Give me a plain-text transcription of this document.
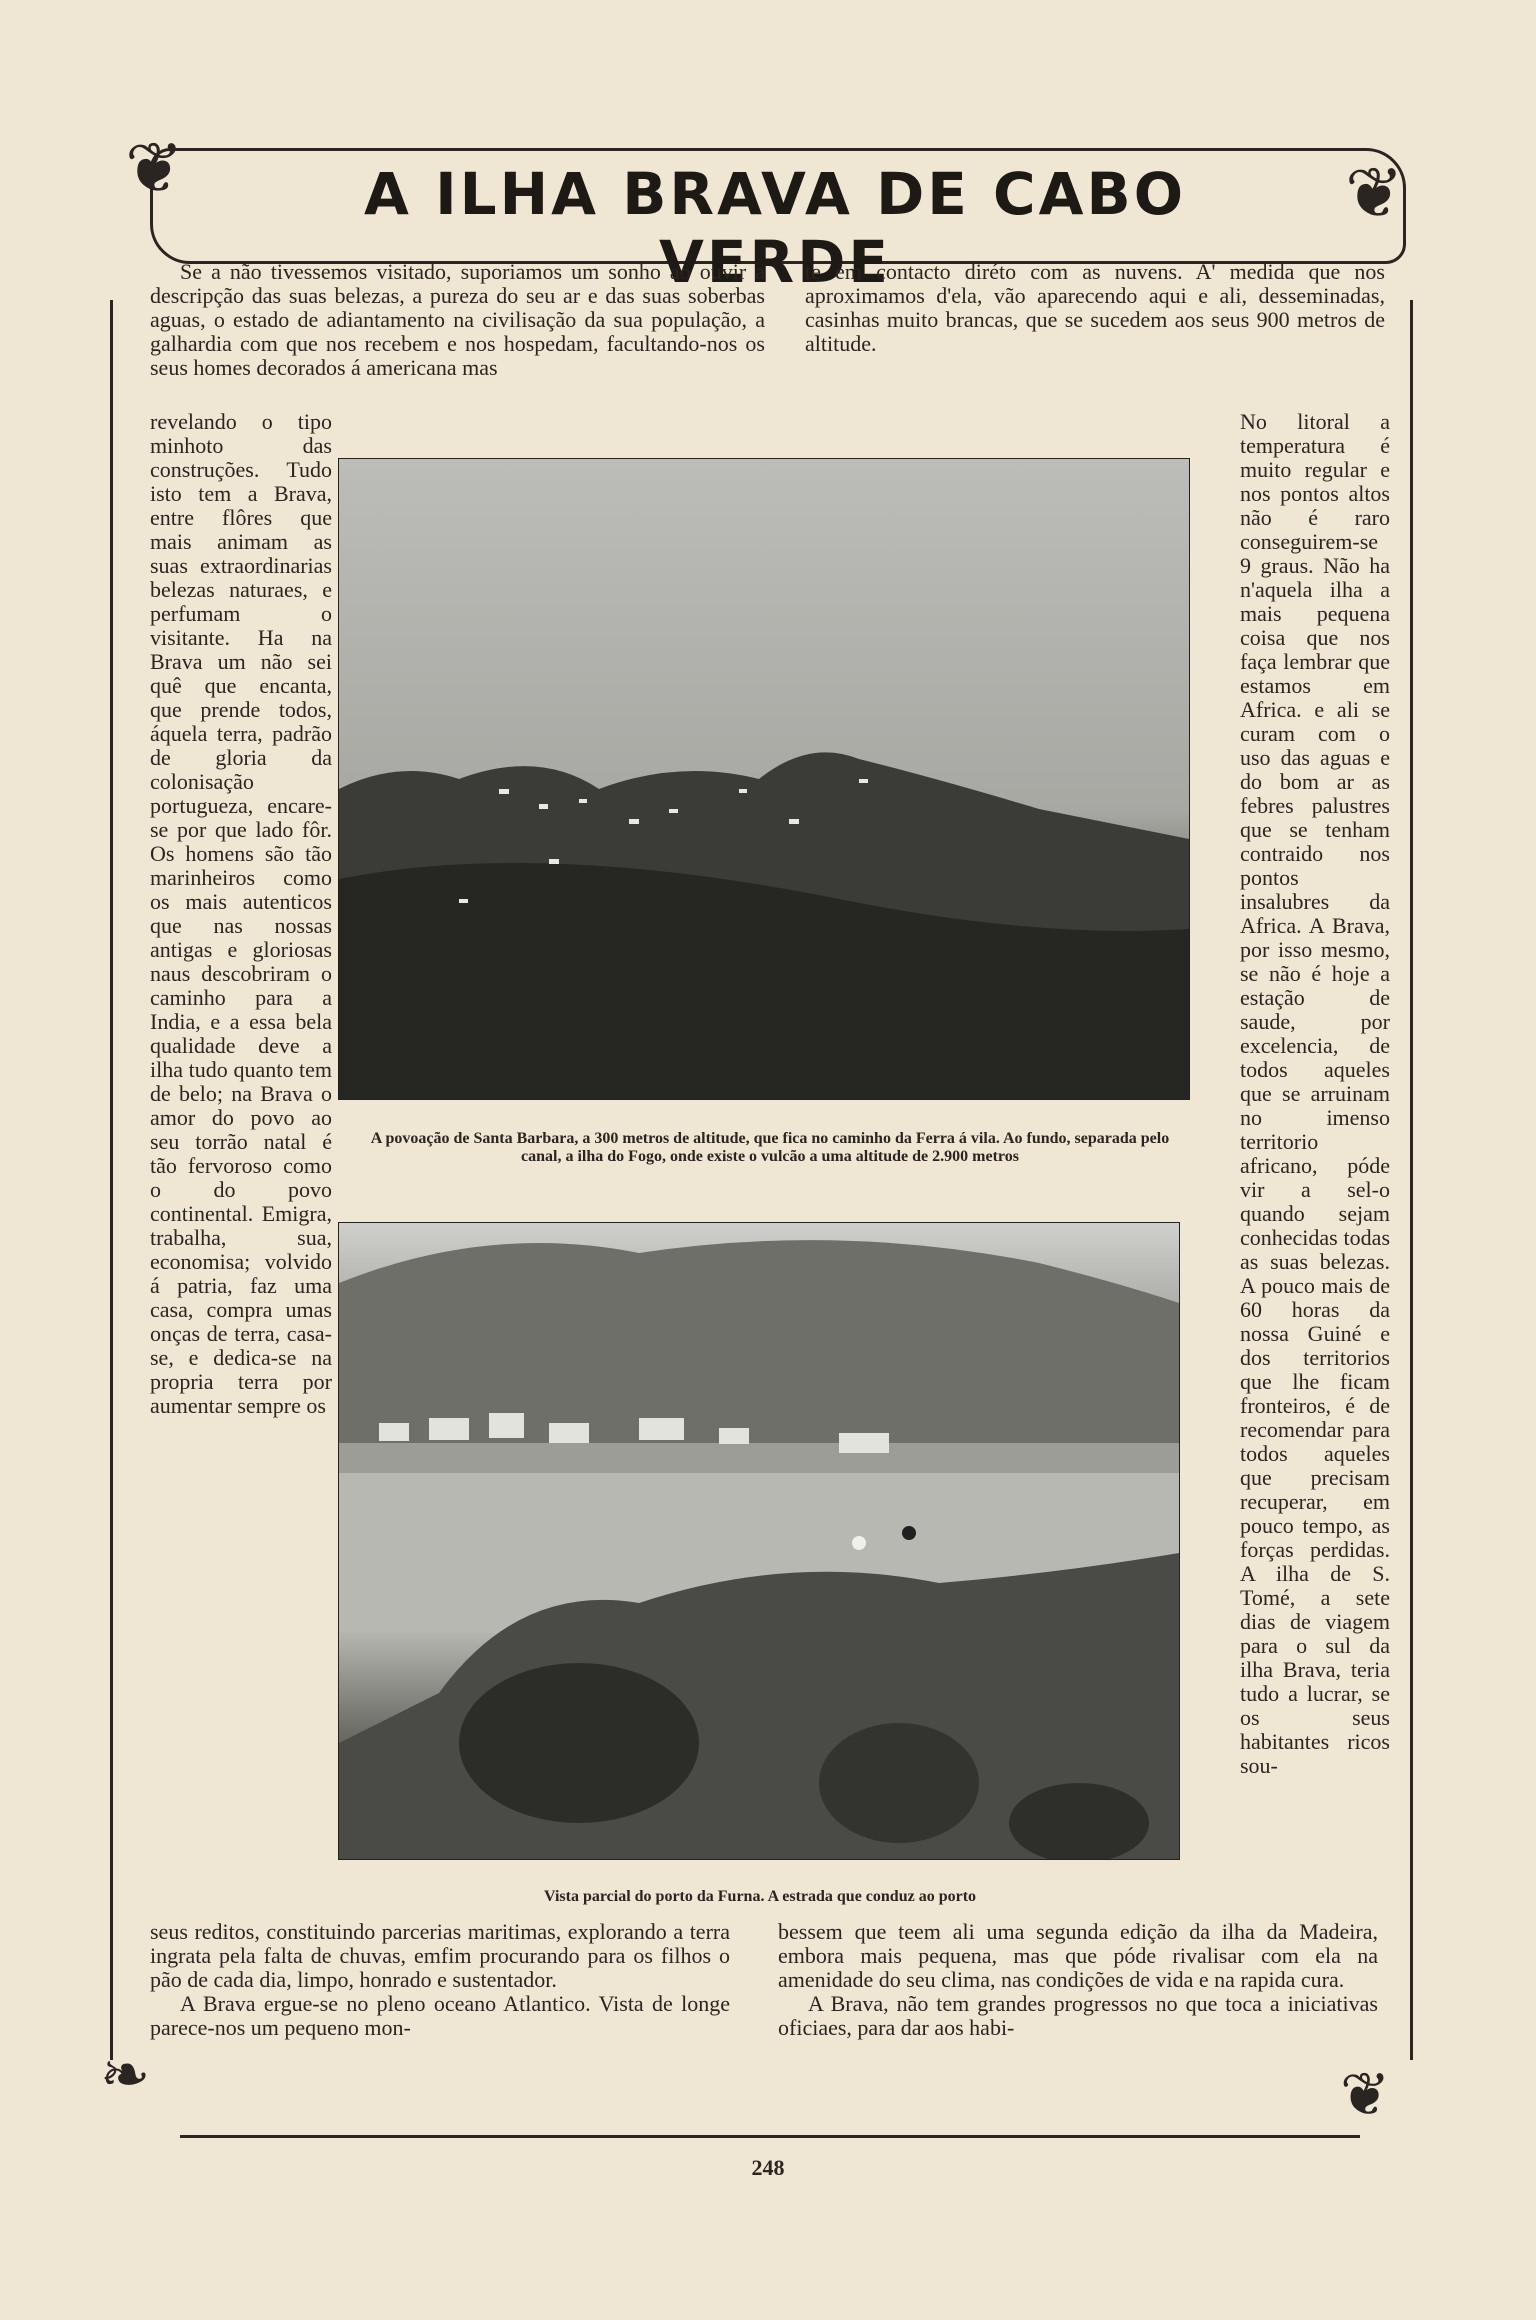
❦	❦
A ILHA BRAVA DE CABO VERDE
❧	❦

Se a não tivessemos visitado, suporiamos um sonho ao ouvir a descripção das suas belezas, a pureza do seu ar e das suas soberbas aguas, o estado de adiantamento na civilisação da sua população, a galhardia com que nos recebem e nos hospedam, facultando-nos os seus homes decorados á americana mas

te em contacto diréto com as nuvens. A' medida que nos aproximamos d'ela, vão aparecendo aqui e ali, desseminadas, casinhas muito brancas, que se sucedem aos seus 900 metros de altitude.

revelando o tipo minhoto das construções. Tudo isto tem a Brava, entre flôres que mais animam as suas extraordinarias belezas naturaes, e perfumam o visitante. Ha na Brava um não sei quê que encanta, que prende todos, áquela terra, padrão de gloria da colonisação portugueza, encare-se por que lado fôr. Os homens são tão marinheiros como os mais autenticos que nas nossas antigas e gloriosas naus descobriram o caminho para a India, e a essa bela qualidade deve a ilha tudo quanto tem de belo; na Brava o amor do povo ao seu torrão natal é tão fervoroso como o do povo continental. Emigra, trabalha, sua, economisa; volvido á patria, faz uma casa, compra umas onças de terra, casa-se, e dedica-se na propria terra por aumentar sempre os

No litoral a temperatura é muito regular e nos pontos altos não é raro conseguirem-se 9 graus. Não ha n'aquela ilha a mais pequena coisa que nos faça lembrar que estamos em Africa. e ali se curam com o uso das aguas e do bom ar as febres palustres que se tenham contraido nos pontos insalubres da Africa. A Brava, por isso mesmo, se não é hoje a estação de saude, por excelencia, de todos aqueles que se arruinam no imenso territorio africano, póde vir a sel-o quando sejam conhecidas todas as suas belezas. A pouco mais de 60 horas da nossa Guiné e dos territorios que lhe ficam fronteiros, é de recomendar para todos aqueles que precisam recuperar, em pouco tempo, as forças perdidas. A ilha de S. Tomé, a sete dias de viagem para o sul da ilha Brava, teria tudo a lucrar, se os seus habitantes ricos sou-

A povoação de Santa Barbara, a 300 metros de altitude, que fica no caminho da Ferra á vila. Ao fundo, separada pelo canal, a ilha do Fogo, onde existe o vulcão a uma altitude de 2.900 metros
Vista parcial do porto da Furna. A estrada que conduz ao porto

seus reditos, constituindo parcerias maritimas, explorando a terra ingrata pela falta de chuvas, emfim procurando para os filhos o pão de cada dia, limpo, honrado e sustentador.

A Brava ergue-se no pleno oceano Atlantico. Vista de longe parece-nos um pequeno mon-

bessem que teem ali uma segunda edição da ilha da Madeira, embora mais pequena, mas que póde rivalisar com ela na amenidade do seu clima, nas condições de vida e na rapida cura.

A Brava, não tem grandes progressos no que toca a iniciativas oficiaes, para dar aos habi-

248
